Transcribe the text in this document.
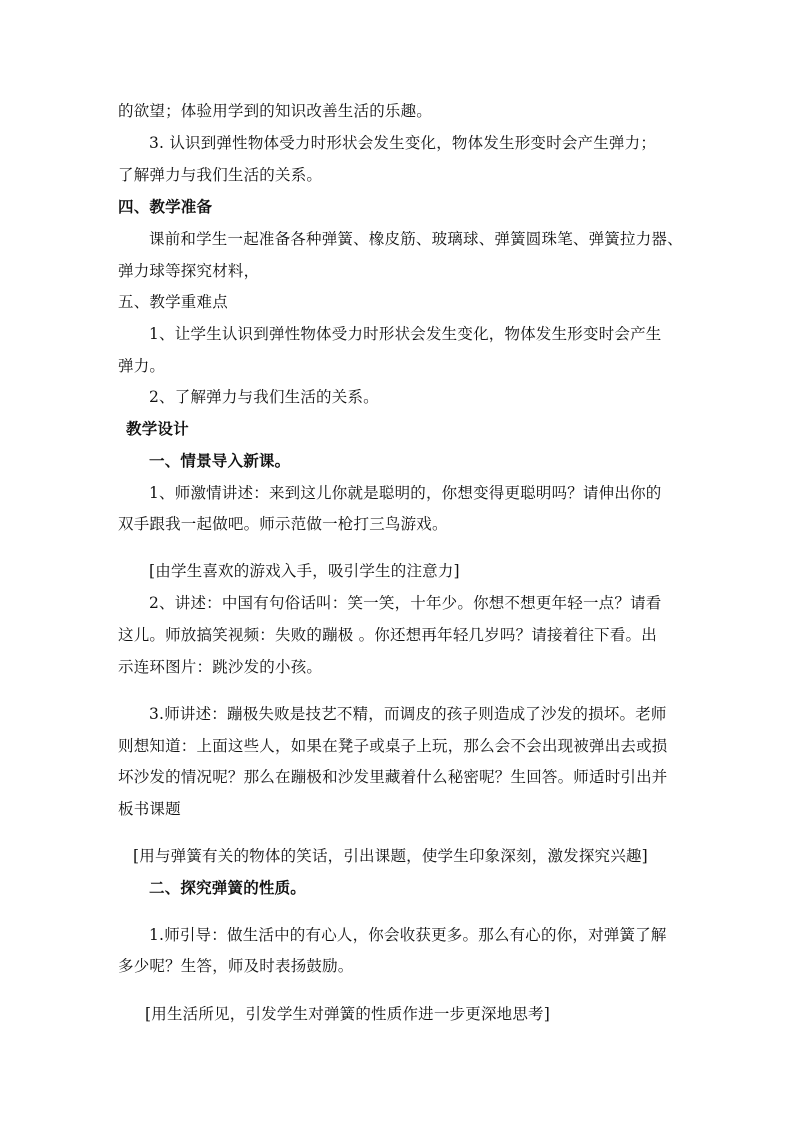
的欲望；体验用学到的知识改善生活的乐趣。
3. 认识到弹性物体受力时形状会发生变化，物体发生形变时会产生弹力；
了解弹力与我们生活的关系。
四、教学准备
课前和学生一起准备各种弹簧、橡皮筋、玻璃球、弹簧圆珠笔、弹簧拉力器、
弹力球等探究材料，
五、教学重难点
1、让学生认识到弹性物体受力时形状会发生变化，物体发生形变时会产生
弹力。
2、了解弹力与我们生活的关系。
教学设计
一、情景导入新课。
1、师激情讲述：来到这儿你就是聪明的，你想变得更聪明吗？请伸出你的
双手跟我一起做吧。师示范做一枪打三鸟游戏。
[由学生喜欢的游戏入手，吸引学生的注意力]
2、讲述：中国有句俗话叫：笑一笑，十年少。你想不想更年轻一点？请看
这儿。师放搞笑视频：失败的蹦极 。你还想再年轻几岁吗？请接着往下看。出
示连环图片：跳沙发的小孩。
3.师讲述：蹦极失败是技艺不精，而调皮的孩子则造成了沙发的损坏。老师
则想知道：上面这些人，如果在凳子或桌子上玩，那么会不会出现被弹出去或损
坏沙发的情况呢？那么在蹦极和沙发里藏着什么秘密呢？生回答。师适时引出并
板书课题
[用与弹簧有关的物体的笑话，引出课题，使学生印象深刻，激发探究兴趣]
二、探究弹簧的性质。
1.师引导：做生活中的有心人，你会收获更多。那么有心的你，对弹簧了解
多少呢？生答，师及时表扬鼓励。
[用生活所见，引发学生对弹簧的性质作进一步更深地思考]
